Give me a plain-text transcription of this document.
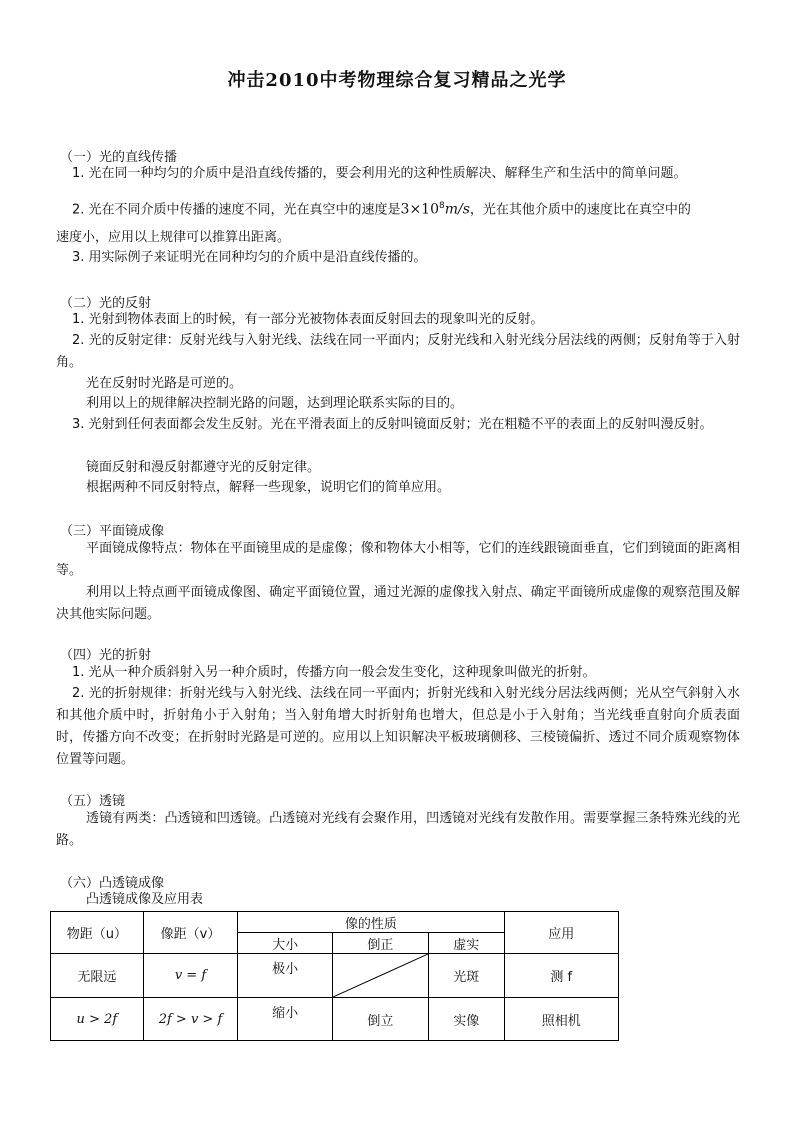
冲击2010中考物理综合复习精品之光学
（一）光的直线传播
1. 光在同一种均匀的介质中是沿直线传播的，要会利用光的这种性质解决、解释生产和生活中的简单问题。
2. 光在不同介质中传播的速度不同，光在真空中的速度是$3\times 10^8m/s$，光在其他介质中的速度比在真空中的
速度小，应用以上规律可以推算出距离。
3. 用实际例子来证明光在同种均匀的介质中是沿直线传播的。
（二）光的反射
1. 光射到物体表面上的时候，有一部分光被物体表面反射回去的现象叫光的反射。
2. 光的反射定律：反射光线与入射光线、法线在同一平面内；反射光线和入射光线分居法线的两侧；反射角等于入射角。
光在反射时光路是可逆的。
利用以上的规律解决控制光路的问题，达到理论联系实际的目的。
3. 光射到任何表面都会发生反射。光在平滑表面上的反射叫镜面反射；光在粗糙不平的表面上的反射叫漫反射。
镜面反射和漫反射都遵守光的反射定律。
根据两种不同反射特点，解释一些现象，说明它们的简单应用。
（三）平面镜成像
平面镜成像特点：物体在平面镜里成的是虚像；像和物体大小相等，它们的连线跟镜面垂直，它们到镜面的距离相等。
利用以上特点画平面镜成像图、确定平面镜位置，通过光源的虚像找入射点、确定平面镜所成虚像的观察范围及解决其他实际问题。
（四）光的折射
1. 光从一种介质斜射入另一种介质时，传播方向一般会发生变化，这种现象叫做光的折射。
2. 光的折射规律：折射光线与入射光线、法线在同一平面内；折射光线和入射光线分居法线两侧；光从空气斜射入水和其他介质中时，折射角小于入射角；当入射角增大时折射角也增大，但总是小于入射角；当光线垂直射向介质表面时，传播方向不改变；在折射时光路是可逆的。应用以上知识解决平板玻璃侧移、三棱镜偏折、透过不同介质观察物体位置等问题。
（五）透镜
透镜有两类：凸透镜和凹透镜。凸透镜对光线有会聚作用，凹透镜对光线有发散作用。需要掌握三条特殊光线的光路。
（六）凸透镜成像
凸透镜成像及应用表
物距（u）	像距（v）	像的性质			应用
		大小	倒正	虚实	
无限远	v = f	极小		光斑	测 f
u > 2f	2f > v > f	缩小	倒立	实像	照相机
